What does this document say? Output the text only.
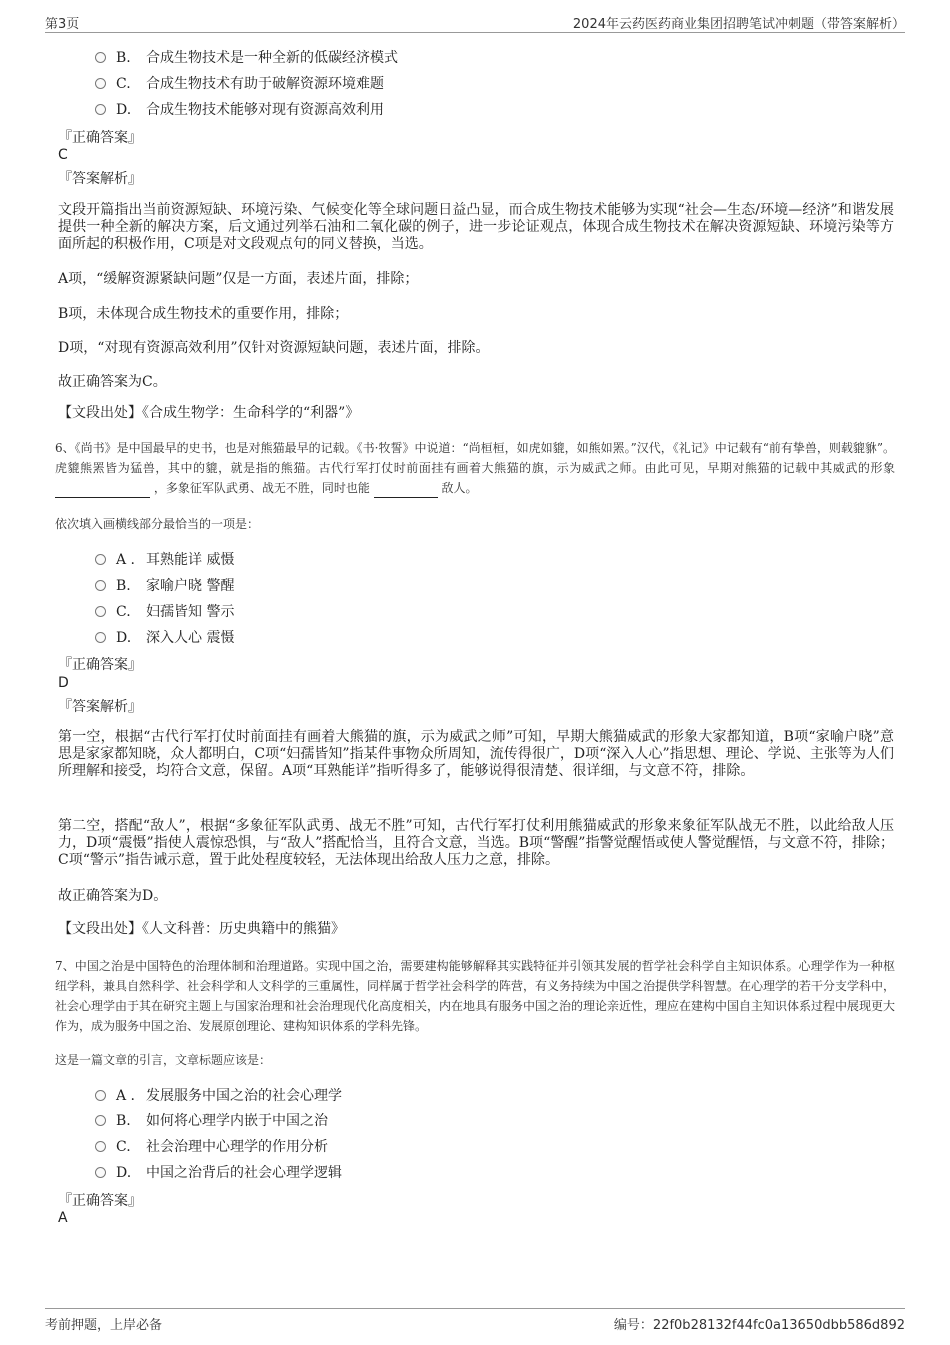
第3页	2024年云药医药商业集团招聘笔试冲刺题（带答案解析）
B. 合成生物技术是一种全新的低碳经济模式
C. 合成生物技术有助于破解资源环境难题
D. 合成生物技术能够对现有资源高效利用
『正确答案』
C
『答案解析』
文段开篇指出当前资源短缺、环境污染、气候变化等全球问题日益凸显，而合成生物技术能够为实现“社会—生态/环境—经济”和谐发展提供一种全新的解决方案，后文通过列举石油和二氧化碳的例子，进一步论证观点，体现合成生物技术在解决资源短缺、环境污染等方面所起的积极作用，C项是对文段观点句的同义替换，当选。
A项，“缓解资源紧缺问题”仅是一方面，表述片面，排除；
B项，未体现合成生物技术的重要作用，排除；
D项，“对现有资源高效利用”仅针对资源短缺问题，表述片面，排除。
故正确答案为C。
【文段出处】《合成生物学：生命科学的“利器”》
6、《尚书》是中国最早的史书，也是对熊猫最早的记载。《书·牧誓》中说道：“尚桓桓，如虎如貔，如熊如罴。”汉代，《礼记》中记载有“前有挚兽，则载貔貅”。虎貔熊罴皆为猛兽，其中的貔，就是指的熊猫。古代行军打仗时前面挂有画着大熊猫的旗，示为威武之师。由此可见，早期对熊猫的记载中其威武的形象  ，多象征军队武勇、战无不胜，同时也能	敌人。
依次填入画横线部分最恰当的一项是：
A . 耳熟能详 威慑
B. 家喻户晓 警醒
C. 妇孺皆知 警示
D. 深入人心 震慑
『正确答案』
D
『答案解析』
第一空，根据“古代行军打仗时前面挂有画着大熊猫的旗，示为威武之师”可知，早期大熊猫威武的形象大家都知道，B项“家喻户晓”意思是家家都知晓，众人都明白，C项“妇孺皆知”指某件事物众所周知，流传得很广，D项“深入人心”指思想、理论、学说、主张等为人们所理解和接受，均符合文意，保留。A项“耳熟能详”指听得多了，能够说得很清楚、很详细，与文意不符，排除。
第二空，搭配“敌人”，根据“多象征军队武勇、战无不胜”可知，古代行军打仗利用熊猫威武的形象来象征军队战无不胜，以此给敌人压力，D项“震慑”指使人震惊恐惧，与“敌人”搭配恰当，且符合文意，当选。B项“警醒”指警觉醒悟或使人警觉醒悟，与文意不符，排除；C项“警示”指告诫示意，置于此处程度较轻，无法体现出给敌人压力之意，排除。
故正确答案为D。
【文段出处】《人文科普：历史典籍中的熊猫》
7、中国之治是中国特色的治理体制和治理道路。实现中国之治，需要建构能够解释其实践特征并引领其发展的哲学社会科学自主知识体系。心理学作为一种枢纽学科，兼具自然科学、社会科学和人文科学的三重属性，同样属于哲学社会科学的阵营，有义务持续为中国之治提供学科智慧。在心理学的若干分支学科中，社会心理学由于其在研究主题上与国家治理和社会治理现代化高度相关，内在地具有服务中国之治的理论亲近性，理应在建构中国自主知识体系过程中展现更大作为，成为服务中国之治、发展原创理论、建构知识体系的学科先锋。
这是一篇文章的引言，文章标题应该是：
A . 发展服务中国之治的社会心理学
B. 如何将心理学内嵌于中国之治
C. 社会治理中心理学的作用分析
D. 中国之治背后的社会心理学逻辑
『正确答案』
A
考前押题，上岸必备	编号：22f0b28132f44fc0a13650dbb586d892
